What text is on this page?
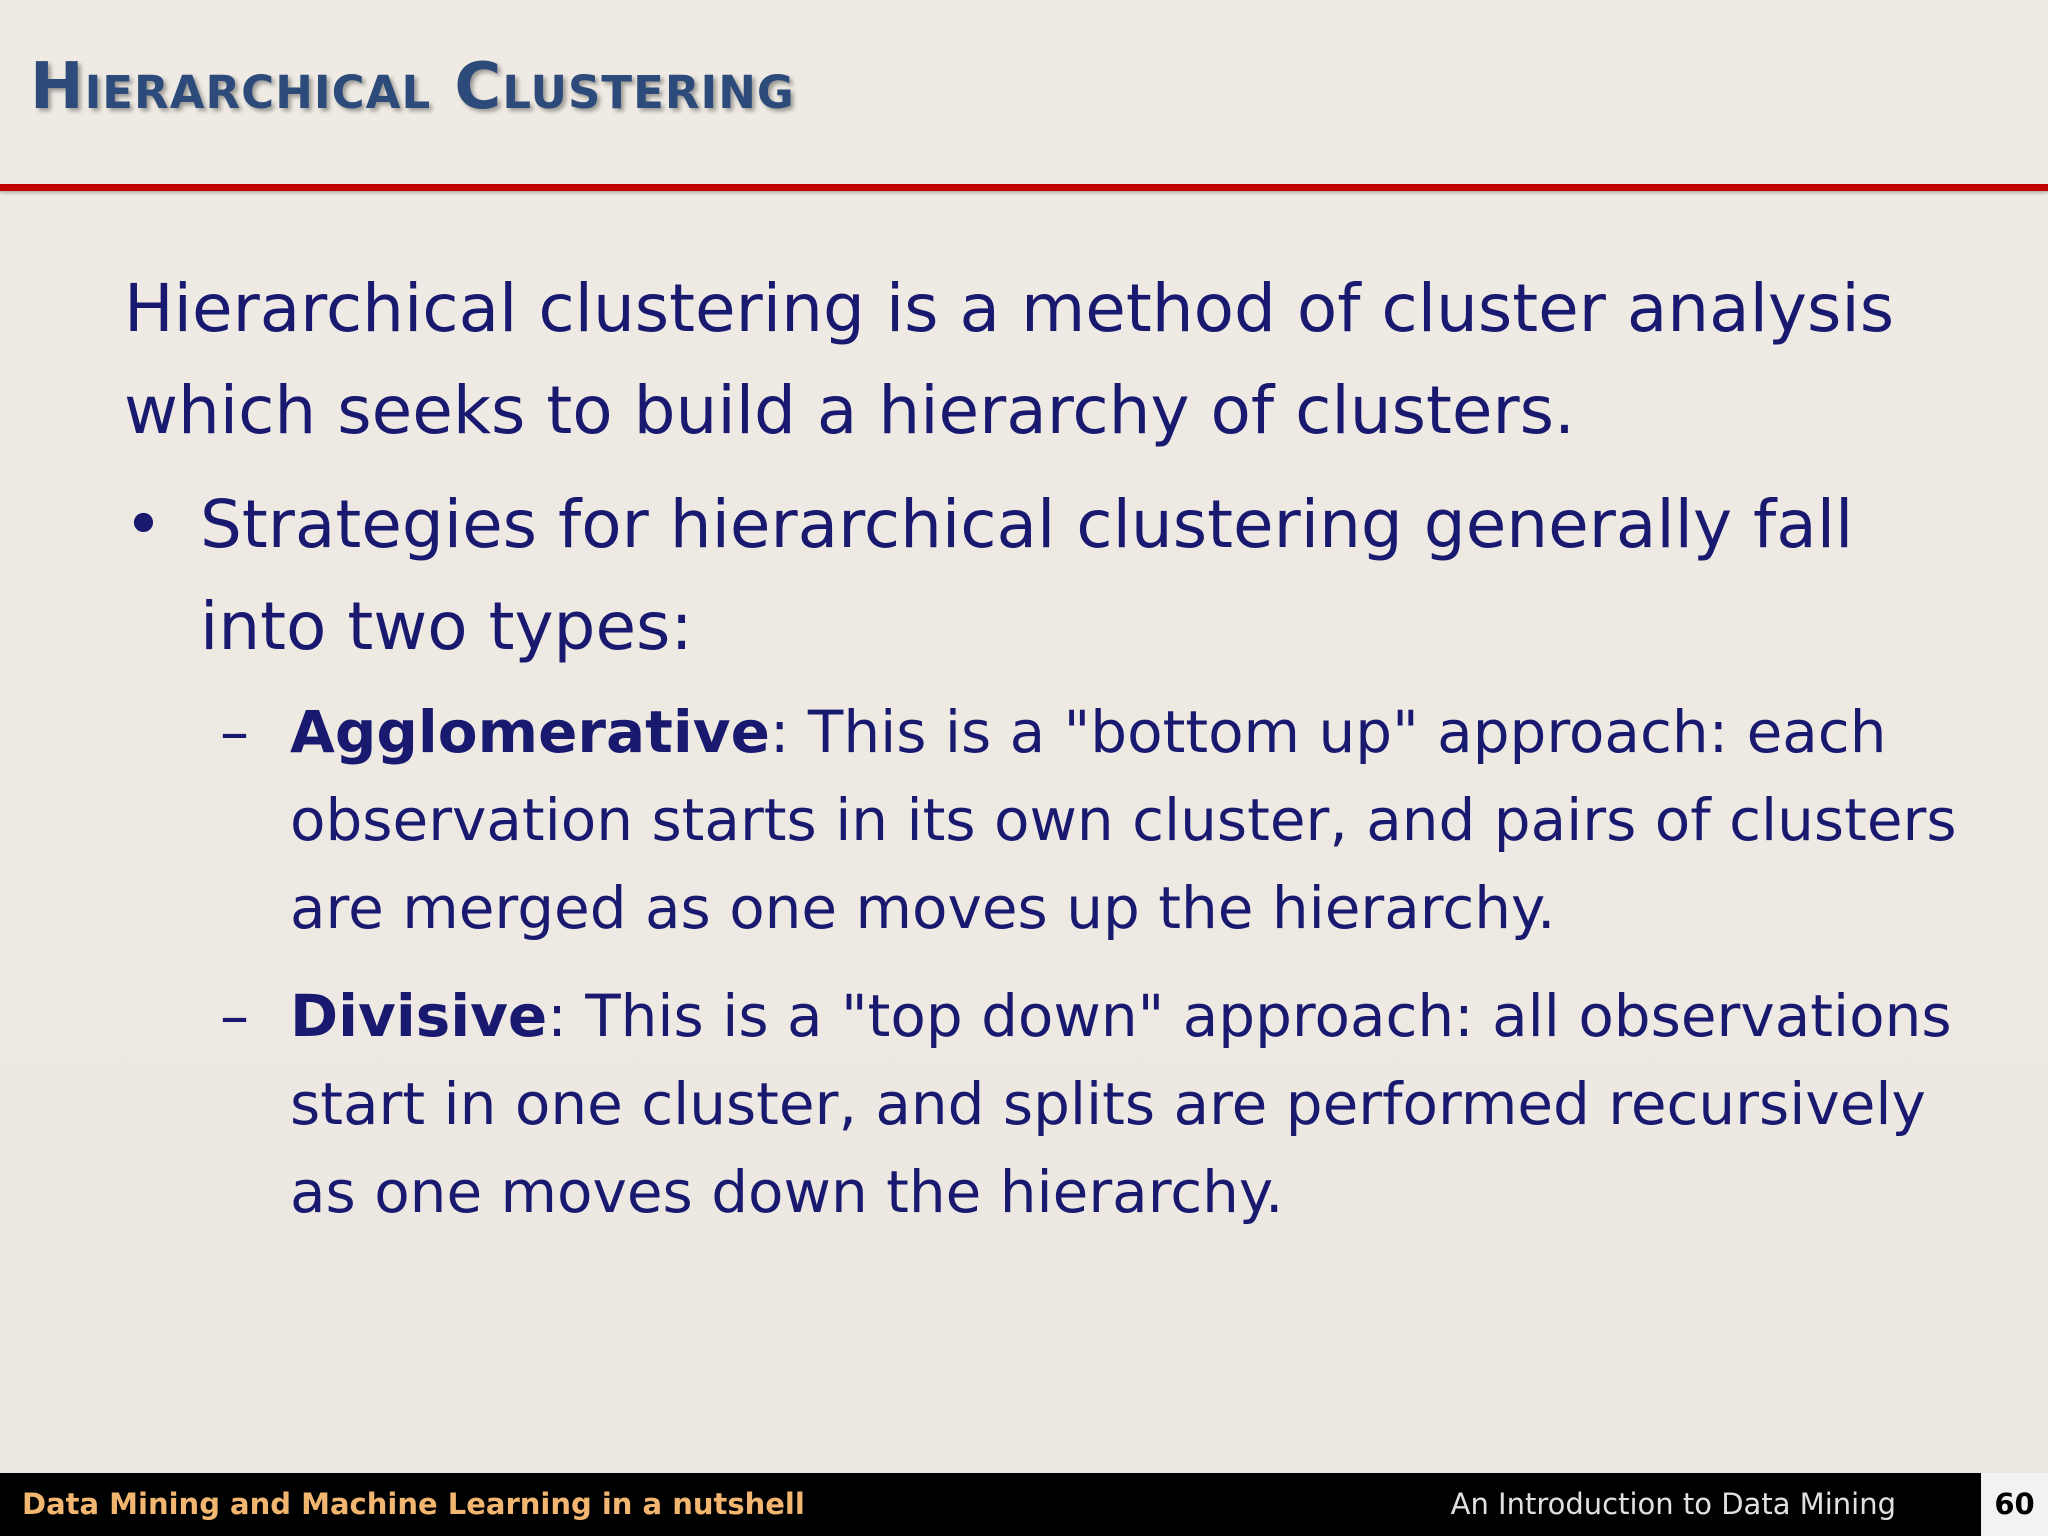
Hierarchical Clustering

Hierarchical clustering is a method of cluster analysis which seeks to build a hierarchy of clusters.

• Strategies for hierarchical clustering generally fall into two types:
– Agglomerative: This is a "bottom up" approach: each observation starts in its own cluster, and pairs of clusters are merged as one moves up the hierarchy.
– Divisive: This is a "top down" approach: all observations start in one cluster, and splits are performed recursively as one moves down the hierarchy.
Data Mining and Machine Learning in a nutshell	An Introduction to Data Mining	60
